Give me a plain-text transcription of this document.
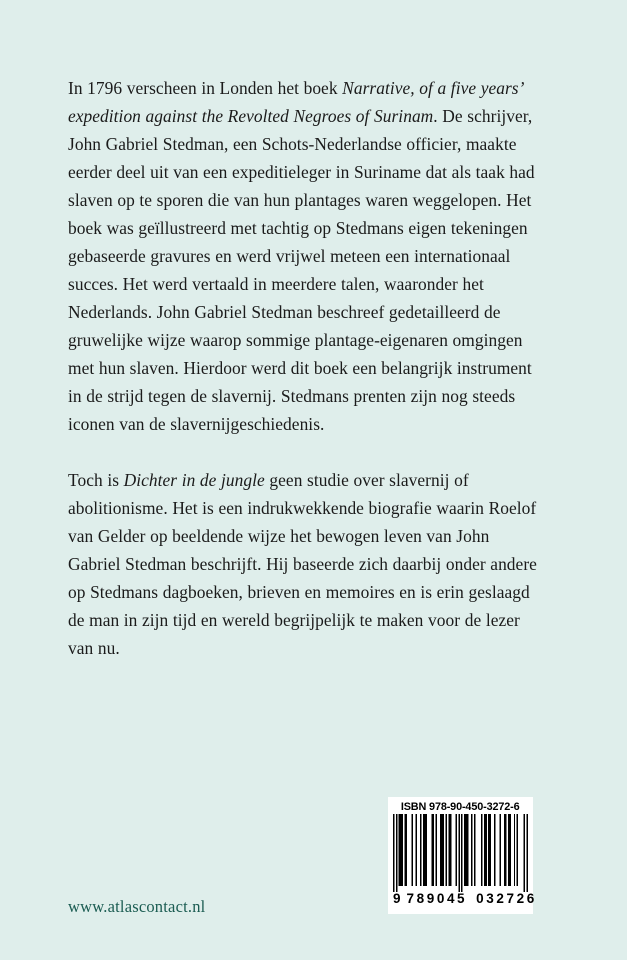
In 1796 verscheen in Londen het boek Narrative, of a five years’ expedition against the Revolted Negroes of Surinam. De schrijver, John Gabriel Stedman, een Schots-Nederlandse officier, maakte eerder deel uit van een expeditieleger in Suriname dat als taak had slaven op te sporen die van hun plantages waren weggelopen. Het boek was geïllustreerd met tachtig op Stedmans eigen tekeningen gebaseerde gravures en werd vrijwel meteen een internationaal succes. Het werd vertaald in meerdere talen, waaronder het Nederlands. John Gabriel Stedman beschreef gedetailleerd de gruwelijke wijze waarop sommige plantage-eigenaren omgingen met hun slaven. Hierdoor werd dit boek een belangrijk instrument in de strijd tegen de slavernij. Stedmans prenten zijn nog steeds iconen van de slavernijgeschiedenis.

Toch is Dichter in de jungle geen studie over slavernij of abolitionisme. Het is een indrukwekkende biografie waarin Roelof van Gelder op beeldende wijze het bewogen leven van John Gabriel Stedman beschrijft. Hij baseerde zich daarbij onder andere op Stedmans dagboeken, brieven en memoires en is erin geslaagd de man in zijn tijd en wereld begrijpelijk te maken voor de lezer van nu.

ISBN 978-90-450-3272-6
9 789045 032726
www.atlascontact.nl
